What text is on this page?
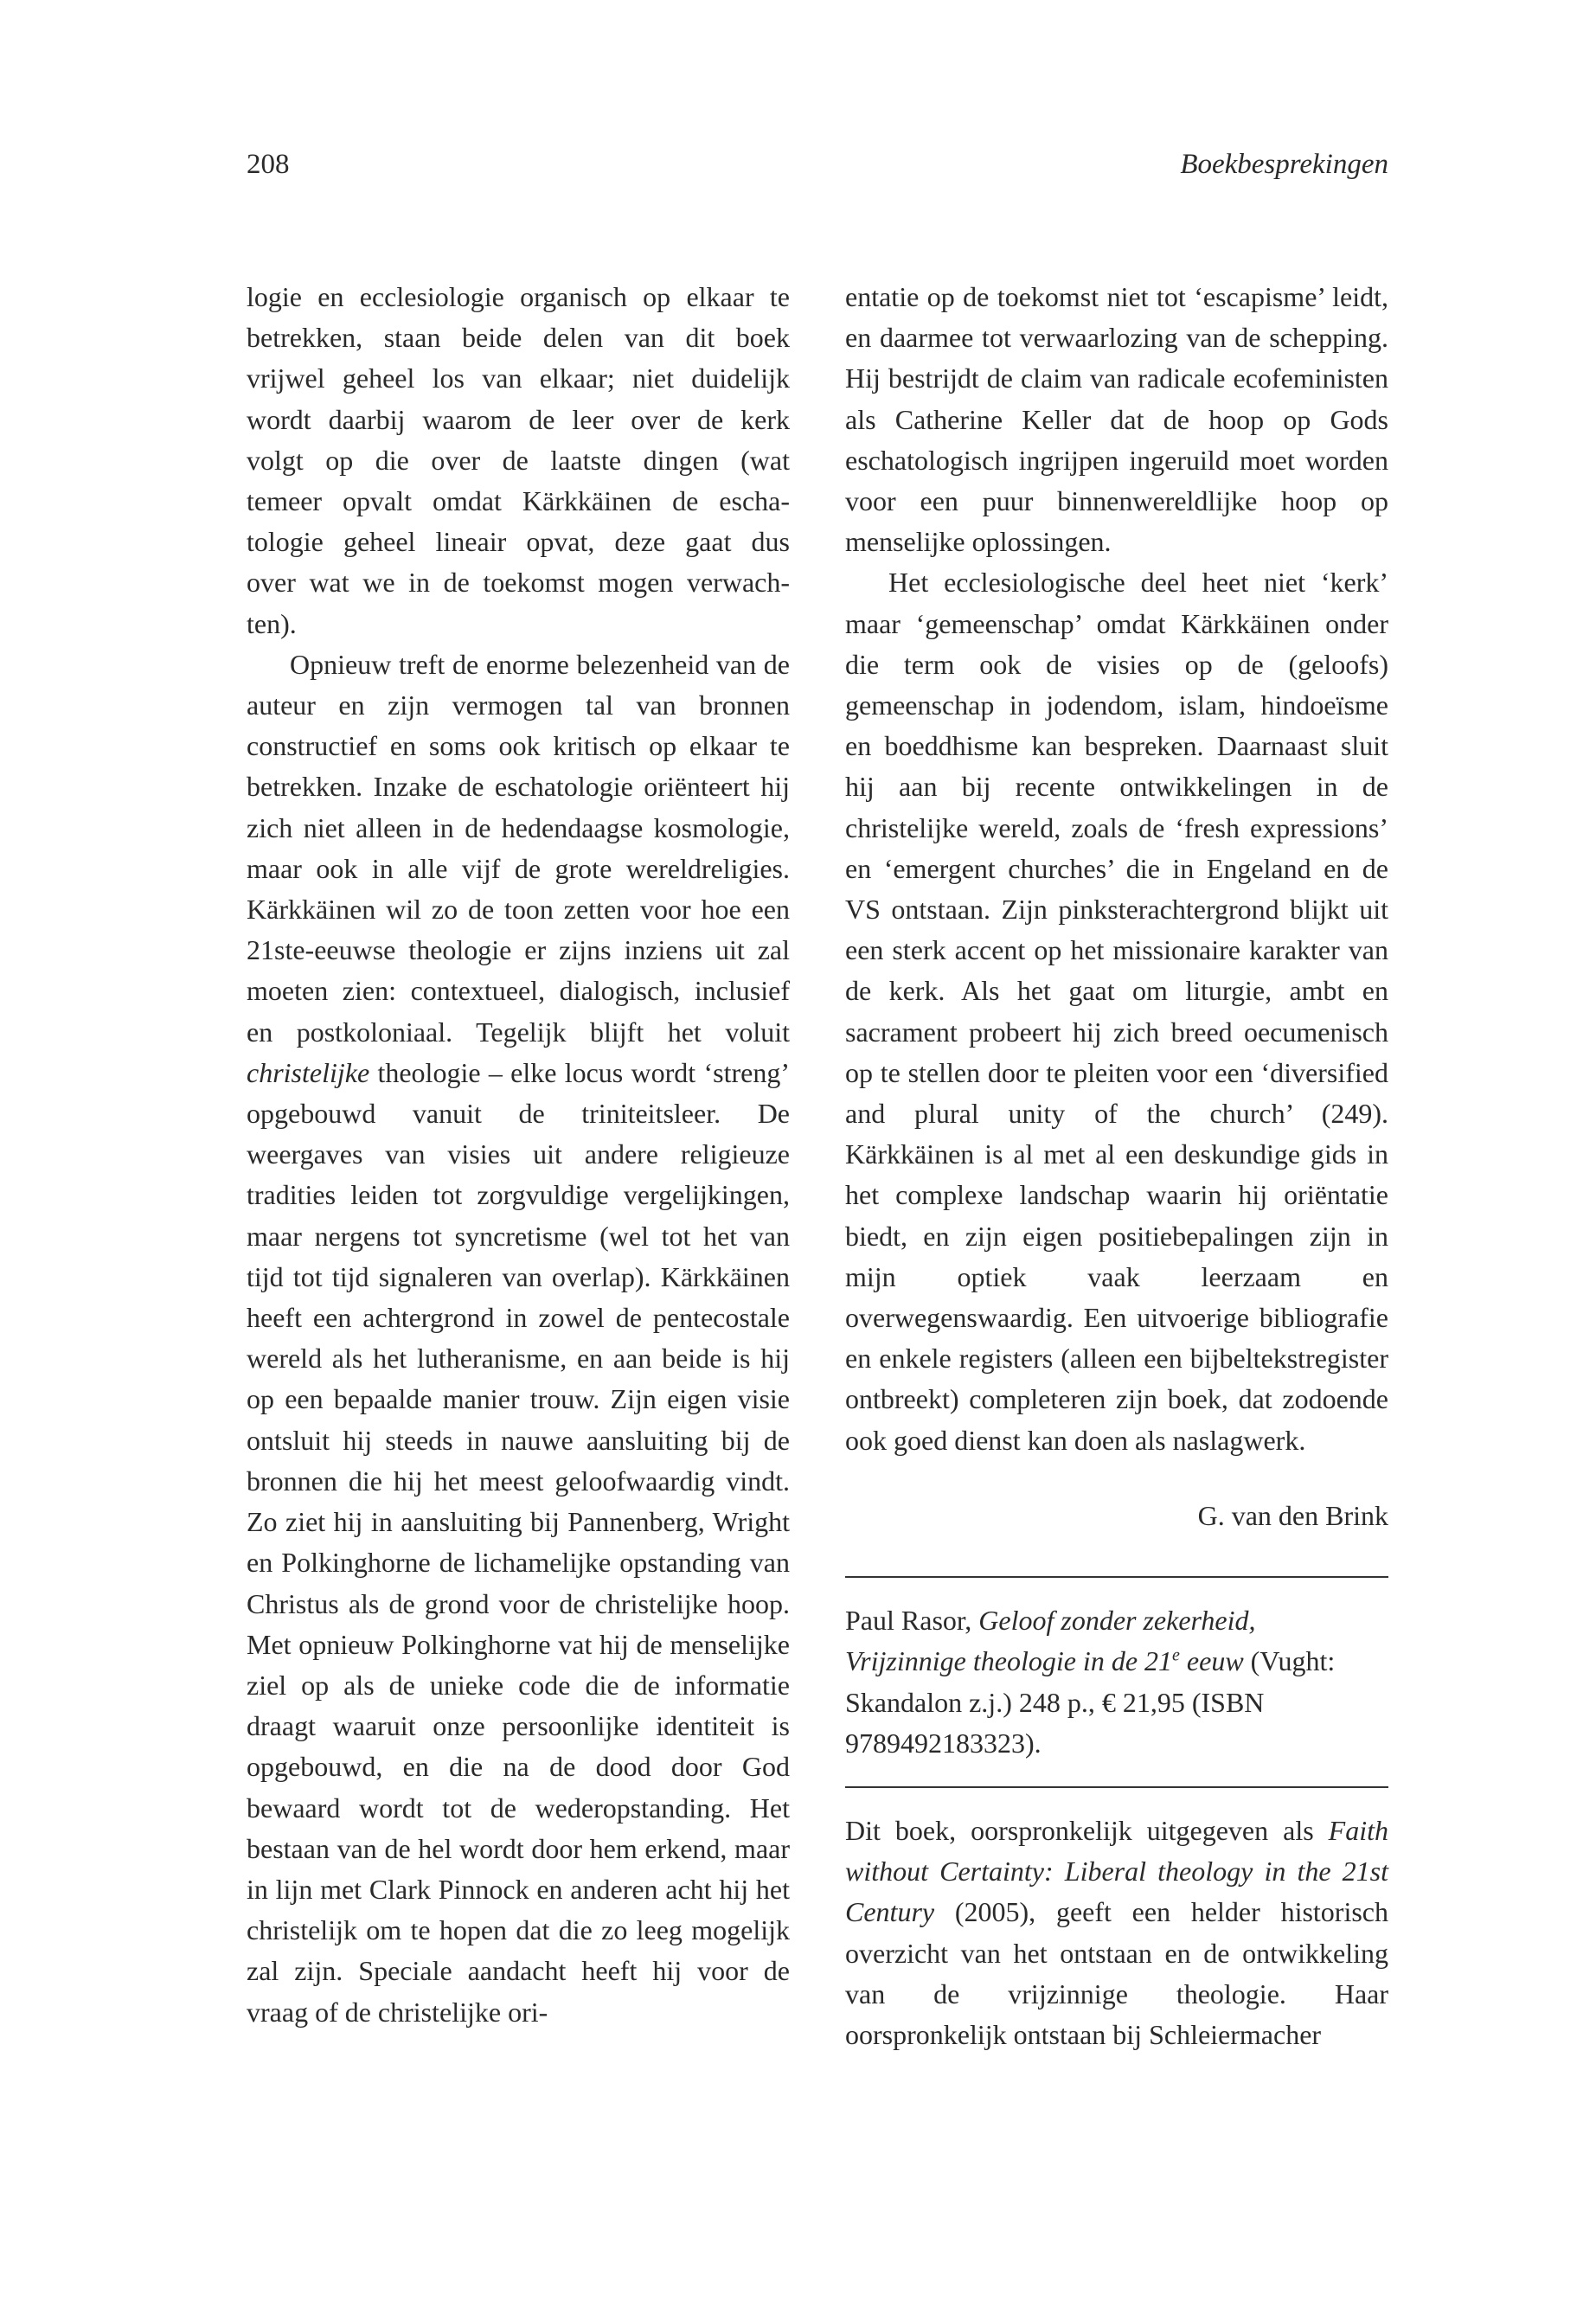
208	Boekbesprekingen

logie en ecclesiologie organisch op elkaar te
betrekken, staan beide delen van dit boek
vrijwel geheel los van elkaar; niet duidelijk
wordt daarbij waarom de leer over de kerk
volgt op die over de laatste dingen (wat
temeer opvalt omdat Kärkkäinen de escha-
tologie geheel lineair opvat, deze gaat dus
over wat we in de toekomst mogen verwach-
ten).

Opnieuw treft de enorme belezenheid van de auteur en zijn vermogen tal van bronnen constructief en soms ook kritisch op elkaar te betrekken. Inzake de eschatologie oriënteert hij zich niet alleen in de hedendaagse kosmologie, maar ook in alle vijf de grote wereldreligies. Kärkkäinen wil zo de toon zetten voor hoe een 21ste-eeuwse theologie er zijns inziens uit zal moeten zien: contextueel, dialogisch, inclusief en postkoloniaal. Tegelijk blijft het voluit christelijke theologie – elke locus wordt ‘streng’ opgebouwd vanuit de triniteitsleer. De weergaves van visies uit andere religieuze tradities leiden tot zorgvuldige vergelijkingen, maar nergens tot syncretisme (wel tot het van tijd tot tijd signaleren van overlap). Kärkkäinen heeft een achtergrond in zowel de pentecostale wereld als het lutheranisme, en aan beide is hij op een bepaalde manier trouw. Zijn eigen visie ontsluit hij steeds in nauwe aansluiting bij de bronnen die hij het meest geloofwaardig vindt. Zo ziet hij in aansluiting bij Pannenberg, Wright en Polkinghorne de lichamelijke opstanding van Christus als de grond voor de christelijke hoop. Met opnieuw Polkinghorne vat hij de menselijke ziel op als de unieke code die de informatie draagt waaruit onze persoonlijke identiteit is opgebouwd, en die na de dood door God bewaard wordt tot de wederopstanding. Het bestaan van de hel wordt door hem erkend, maar in lijn met Clark Pinnock en anderen acht hij het christelijk om te hopen dat die zo leeg mogelijk zal zijn. Speciale aandacht heeft hij voor de vraag of de christelijke ori-

entatie op de toekomst niet tot ‘escapisme’ leidt, en daarmee tot verwaarlozing van de schepping. Hij bestrijdt de claim van radicale ecofeministen als Catherine Keller dat de hoop op Gods eschatologisch ingrijpen ingeruild moet worden voor een puur binnenwereldlijke hoop op menselijke oplossingen.

Het ecclesiologische deel heet niet ‘kerk’ maar ‘gemeenschap’ omdat Kärkkäinen onder die term ook de visies op de (geloofs) gemeenschap in jodendom, islam, hindoeïsme en boeddhisme kan bespreken. Daarnaast sluit hij aan bij recente ontwikkelingen in de christelijke wereld, zoals de ‘fresh expressions’ en ‘emergent churches’ die in Engeland en de VS ontstaan. Zijn pinksterachtergrond blijkt uit een sterk accent op het missionaire karakter van de kerk. Als het gaat om liturgie, ambt en sacrament probeert hij zich breed oecumenisch op te stellen door te pleiten voor een ‘diversified and plural unity of the church’ (249). Kärkkäinen is al met al een deskundige gids in het complexe landschap waarin hij oriëntatie biedt, en zijn eigen positiebepalingen zijn in mijn optiek vaak leerzaam en overwegenswaardig. Een uitvoerige bibliografie en enkele registers (alleen een bijbeltekstregister ontbreekt) completeren zijn boek, dat zodoende ook goed dienst kan doen als naslagwerk.

G. van den Brink

Paul Rasor, Geloof zonder zekerheid,
Vrijzinnige theologie in de 21e eeuw (Vught:
Skandalon z.j.) 248 p., € 21,95 (ISBN
9789492183323).

Dit boek, oorspronkelijk uitgegeven als Faith without Certainty: Liberal theology in the 21st Century (2005), geeft een helder historisch overzicht van het ontstaan en de ontwikkeling van de vrijzinnige theologie. Haar oorspronkelijk ontstaan bij Schleiermacher
